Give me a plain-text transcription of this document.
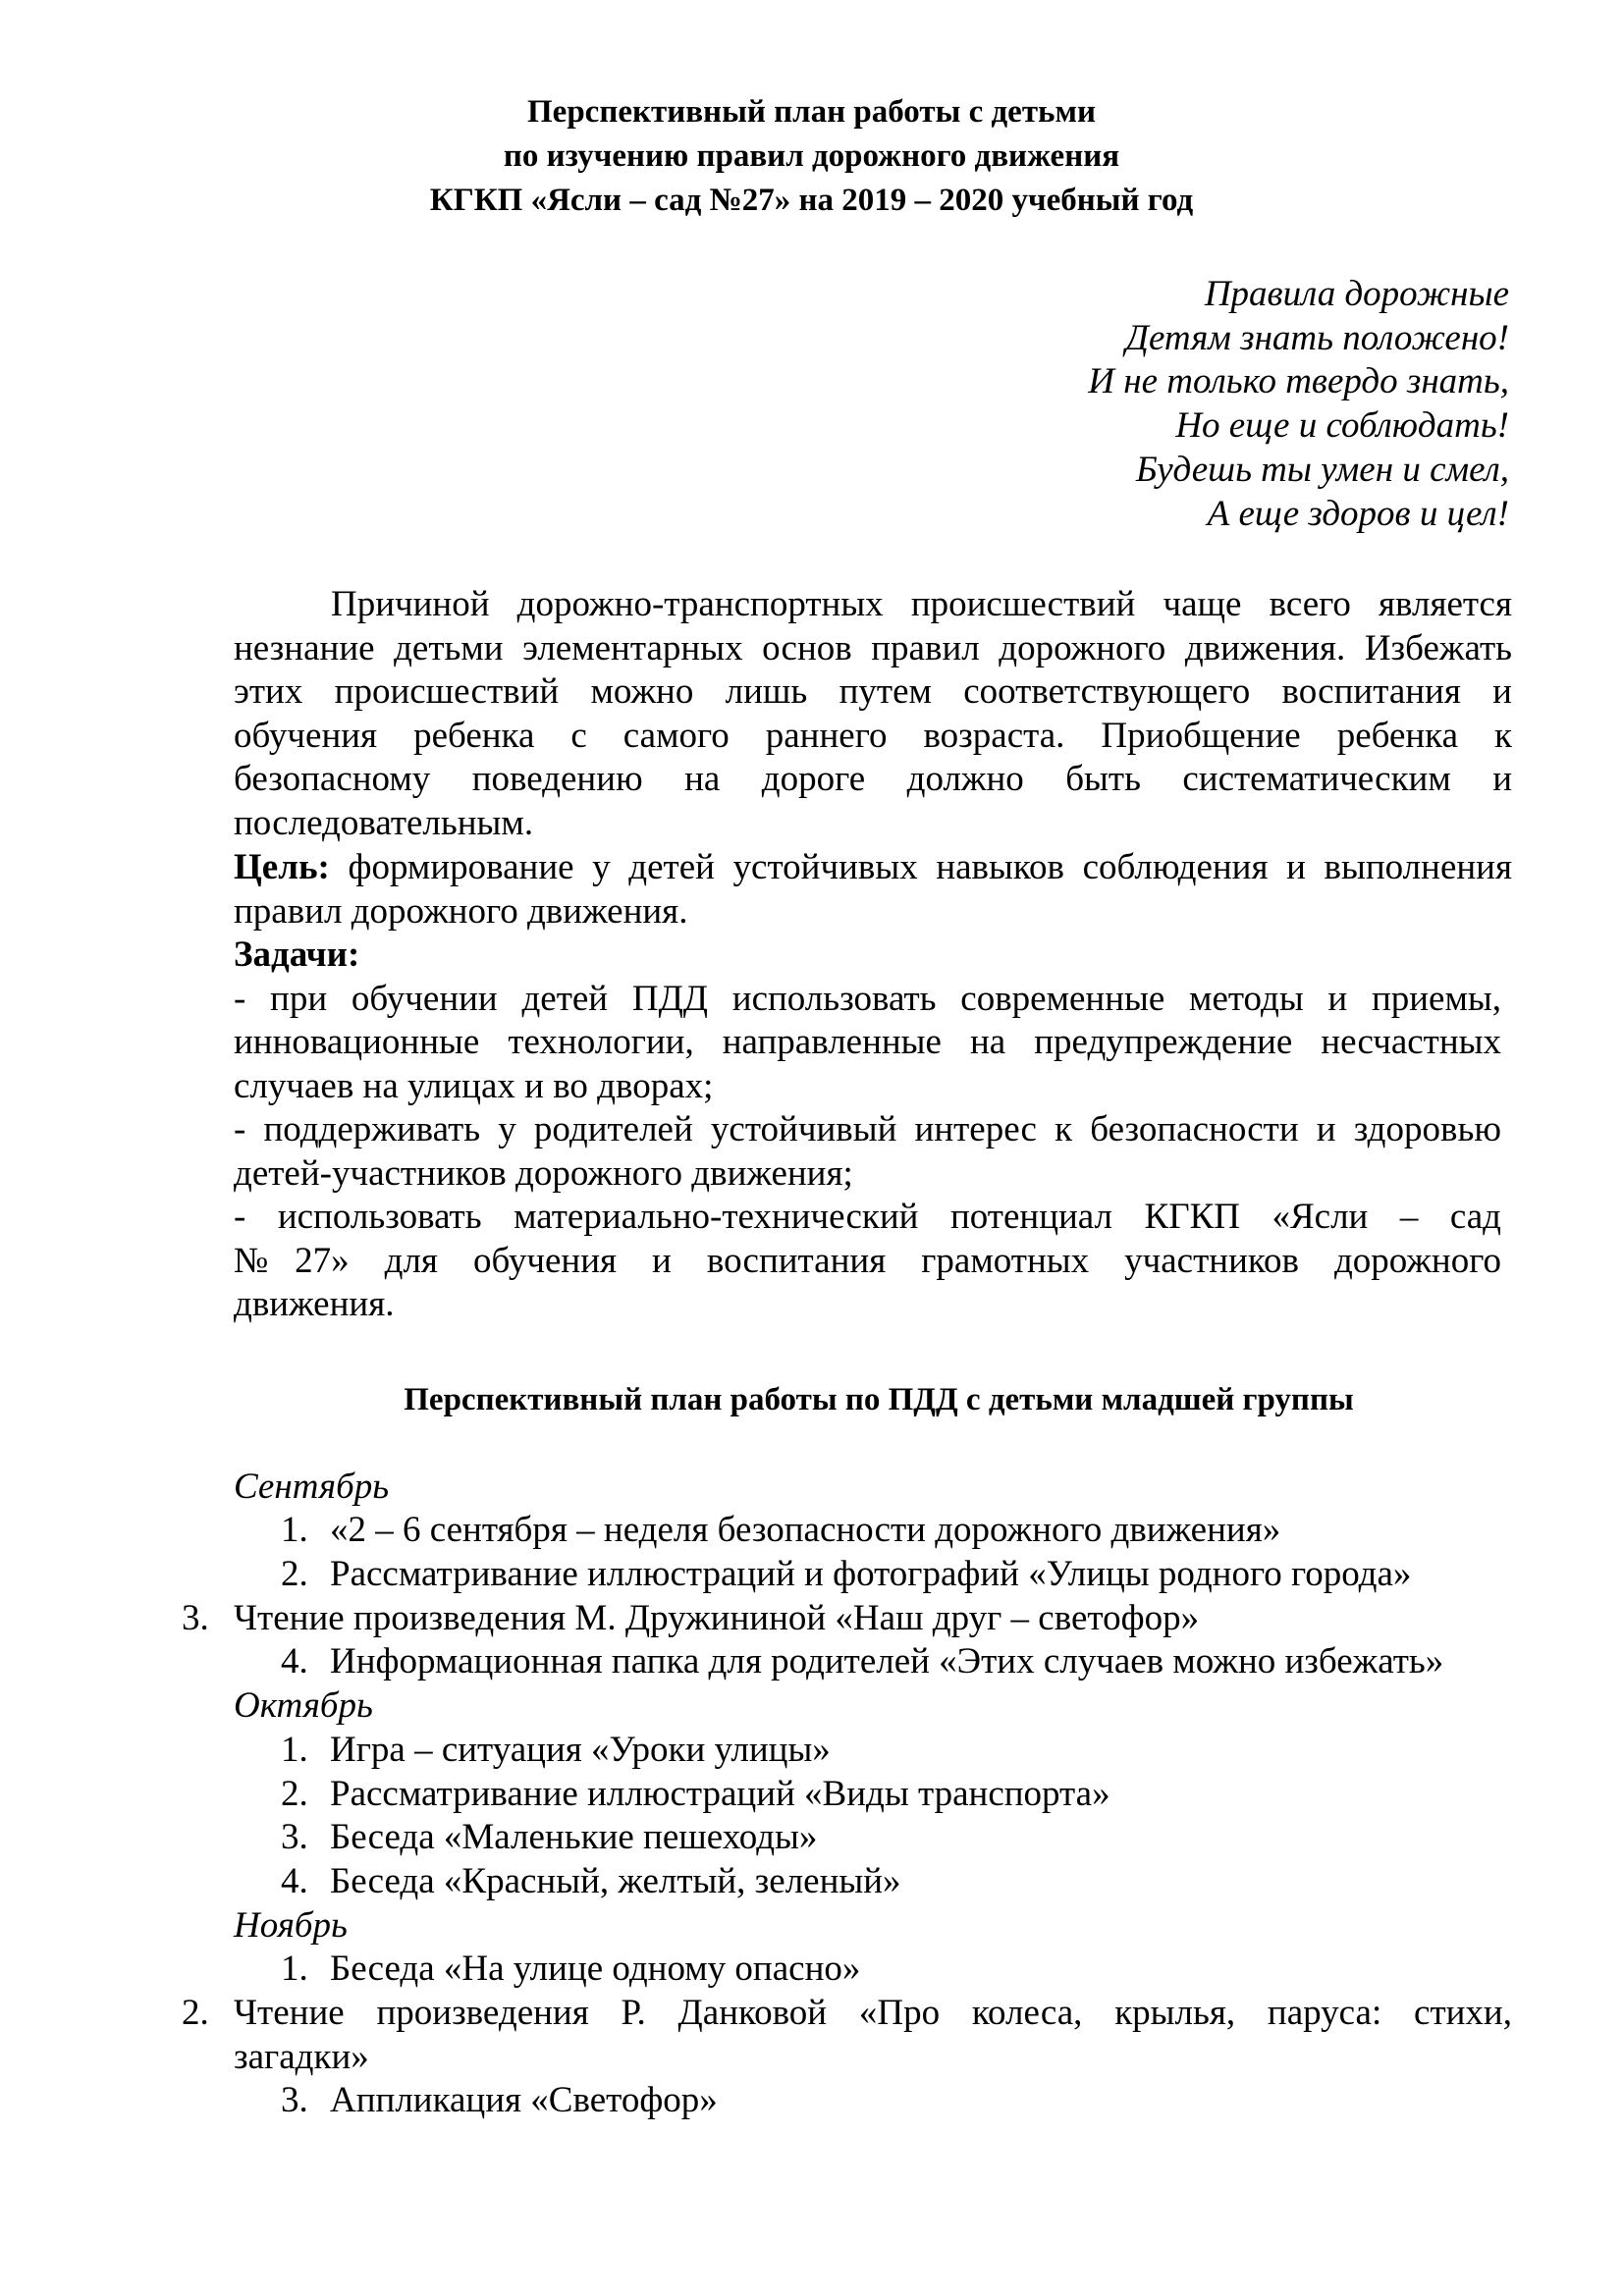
Перспективный план работы с детьми
по изучению правил дорожного движения
КГКП «Ясли – сад №27» на 2019 – 2020 учебный год
Правила дорожные
Детям знать положено!
И не только твердо знать,
Но еще и соблюдать!
Будешь ты умен и смел,
А еще здоров и цел!
Причиной дорожно-транспортных происшествий чаще всего является
незнание детьми элементарных основ правил дорожного движения. Избежать
этих происшествий можно лишь путем соответствующего воспитания и
обучения ребенка с самого раннего возраста. Приобщение ребенка к
безопасному поведению на дороге должно быть систематическим и
последовательным.
Цель: формирование у детей устойчивых навыков соблюдения и выполнения
правил дорожного движения.
Задачи:
- при обучении детей ПДД использовать современные методы и приемы,
инновационные технологии, направленные на предупреждение несчастных
случаев на улицах и во дворах;
- поддерживать у родителей устойчивый интерес к безопасности и здоровью
детей-участников дорожного движения;
- использовать материально-технический потенциал КГКП «Ясли – сад
№27» для обучения и воспитания грамотных участников дорожного
движения.
Перспективный план работы по ПДД с детьми младшей группы
Сентябрь
1. «2 – 6 сентября – неделя безопасности дорожного движения»
2. Рассматривание иллюстраций и фотографий «Улицы родного города»
3. Чтение произведения М. Дружининой «Наш друг – светофор»
4. Информационная папка для родителей «Этих случаев можно избежать»
Октябрь
1. Игра – ситуация «Уроки улицы»
2. Рассматривание иллюстраций «Виды транспорта»
3. Беседа «Маленькие пешеходы»
4. Беседа «Красный, желтый, зеленый»
Ноябрь
1. Беседа «На улице одному опасно»
2. Чтение произведения Р. Данковой «Про колеса, крылья, паруса: стихи,
загадки»
3. Аппликация «Светофор»
